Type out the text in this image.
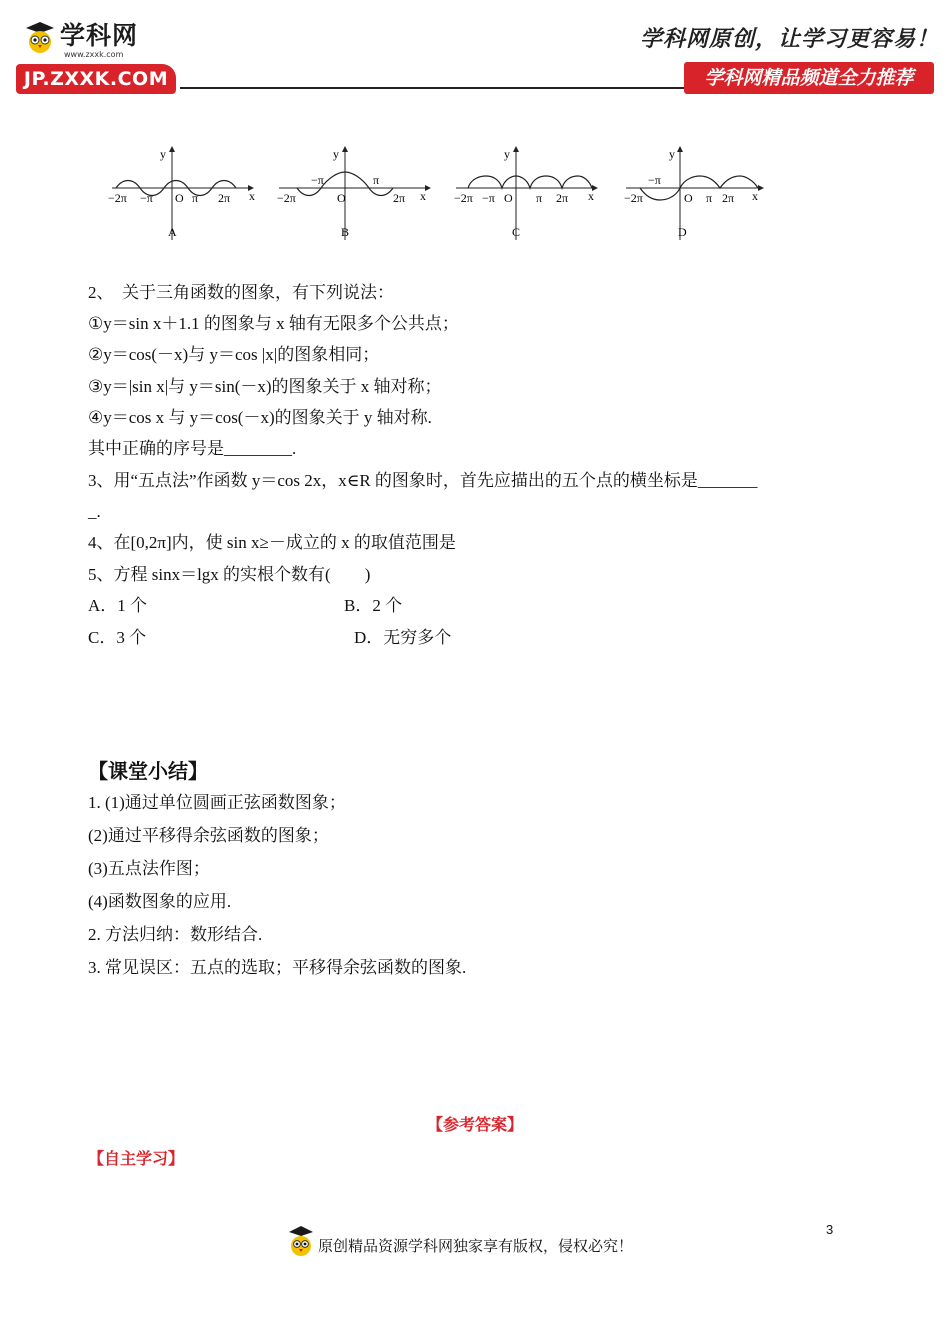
学科网
www.zxxk.com
JP.ZXXK.COM
学科网原创，让学习更容易！
学科网精品频道全力推荐
y
x
O
−2π −π	π 2π
A
y
x
O
−2π
−π	π
2π
B
y
x
O
−2π −π	π 2π
C
y
x
O
−2π
−π
π 2π
D
2、　关于三角函数的图象，有下列说法：
①y＝sin x＋1.1 的图象与 x 轴有无限多个公共点；
②y＝cos(－x)与 y＝cos |x|的图象相同；
③y＝|sin x|与 y＝sin(－x)的图象关于 x 轴对称；
④y＝cos x 与 y＝cos(－x)的图象关于 y 轴对称.
其中正确的序号是________.
3、用“五点法”作函数 y＝cos 2x，x∈R 的图象时，首先应描出的五个点的横坐标是_______
_.
4、在[0,2π]内，使 sin x≥－成立的 x 的取值范围是
5、方程 sinx＝lgx 的实根个数有(　　)
A．1 个	B．2 个
C．3 个	D．无穷多个
【课堂小结】
1. (1)通过单位圆画正弦函数图象；
(2)通过平移得余弦函数的图象；
(3)五点法作图；
(4)函数图象的应用.
2. 方法归纳：数形结合.
3. 常见误区：五点的选取；平移得余弦函数的图象.
【参考答案】
【自主学习】
原创精品资源学科网独家享有版权，侵权必究！
3
